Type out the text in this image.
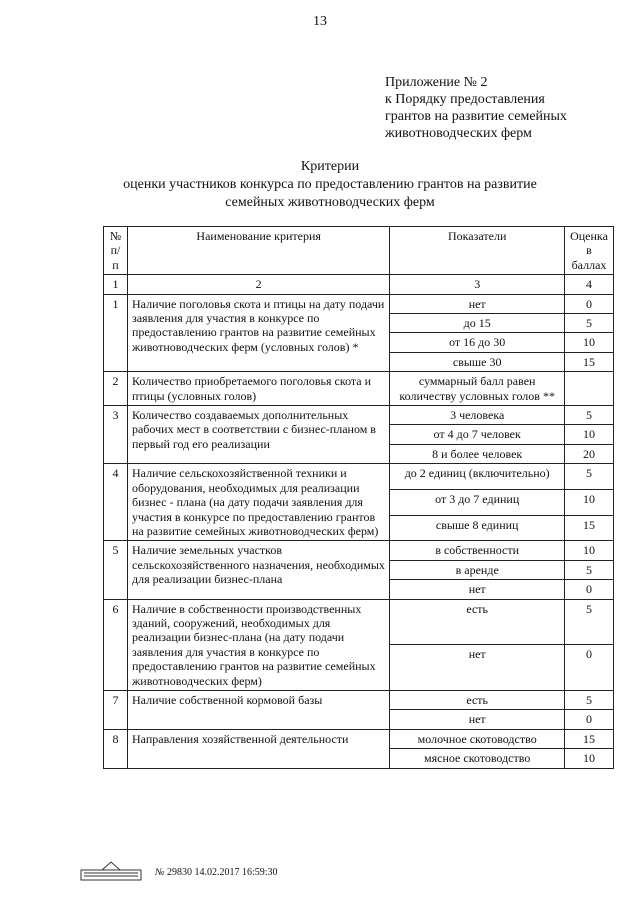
13
Приложение № 2
к Порядку предоставления
грантов на развитие семейных
животноводческих ферм
Критерии
оценки участников конкурса по предоставлению грантов на развитие
семейных животноводческих ферм
№ п/п	Наименование критерия	Показатели	Оценка в баллах
1	2	3	4
1	Наличие поголовья скота и птицы на дату подачи заявления для участия в конкурсе по предоставлению грантов на развитие семейных животноводческих ферм (условных голов) *	нет	0
		до 15	5
		от 16 до 30	10
		свыше 30	15
2	Количество приобретаемого поголовья скота и птицы (условных голов)	суммарный балл равен количеству условных голов **	
3	Количество создаваемых дополнительных рабочих мест в соответствии с бизнес-планом в первый год его реализации	3 человека	5
		от 4 до 7 человек	10
		8 и более человек	20
4	Наличие сельскохозяйственной техники и оборудования, необходимых для реализации бизнес - плана (на дату подачи заявления для участия в конкурсе по предоставлению грантов на развитие семейных животноводческих ферм)	до 2 единиц (включительно)	5
		от 3 до 7 единиц	10
		свыше 8 единиц	15
5	Наличие земельных участков сельскохозяйственного назначения, необходимых для реализации бизнес-плана	в собственности	10
		в аренде	5
		нет	0
6	Наличие в собственности производственных зданий, сооружений, необходимых для реализации бизнес-плана (на дату подачи заявления для участия в конкурсе по предоставлению грантов на развитие семейных животноводческих ферм)	есть	5
		нет	0
7	Наличие собственной кормовой базы	есть	5
		нет	0
8	Направления хозяйственной деятельности	молочное скотоводство	15
		мясное скотоводство	10
№ 29830 14.02.2017 16:59:30
